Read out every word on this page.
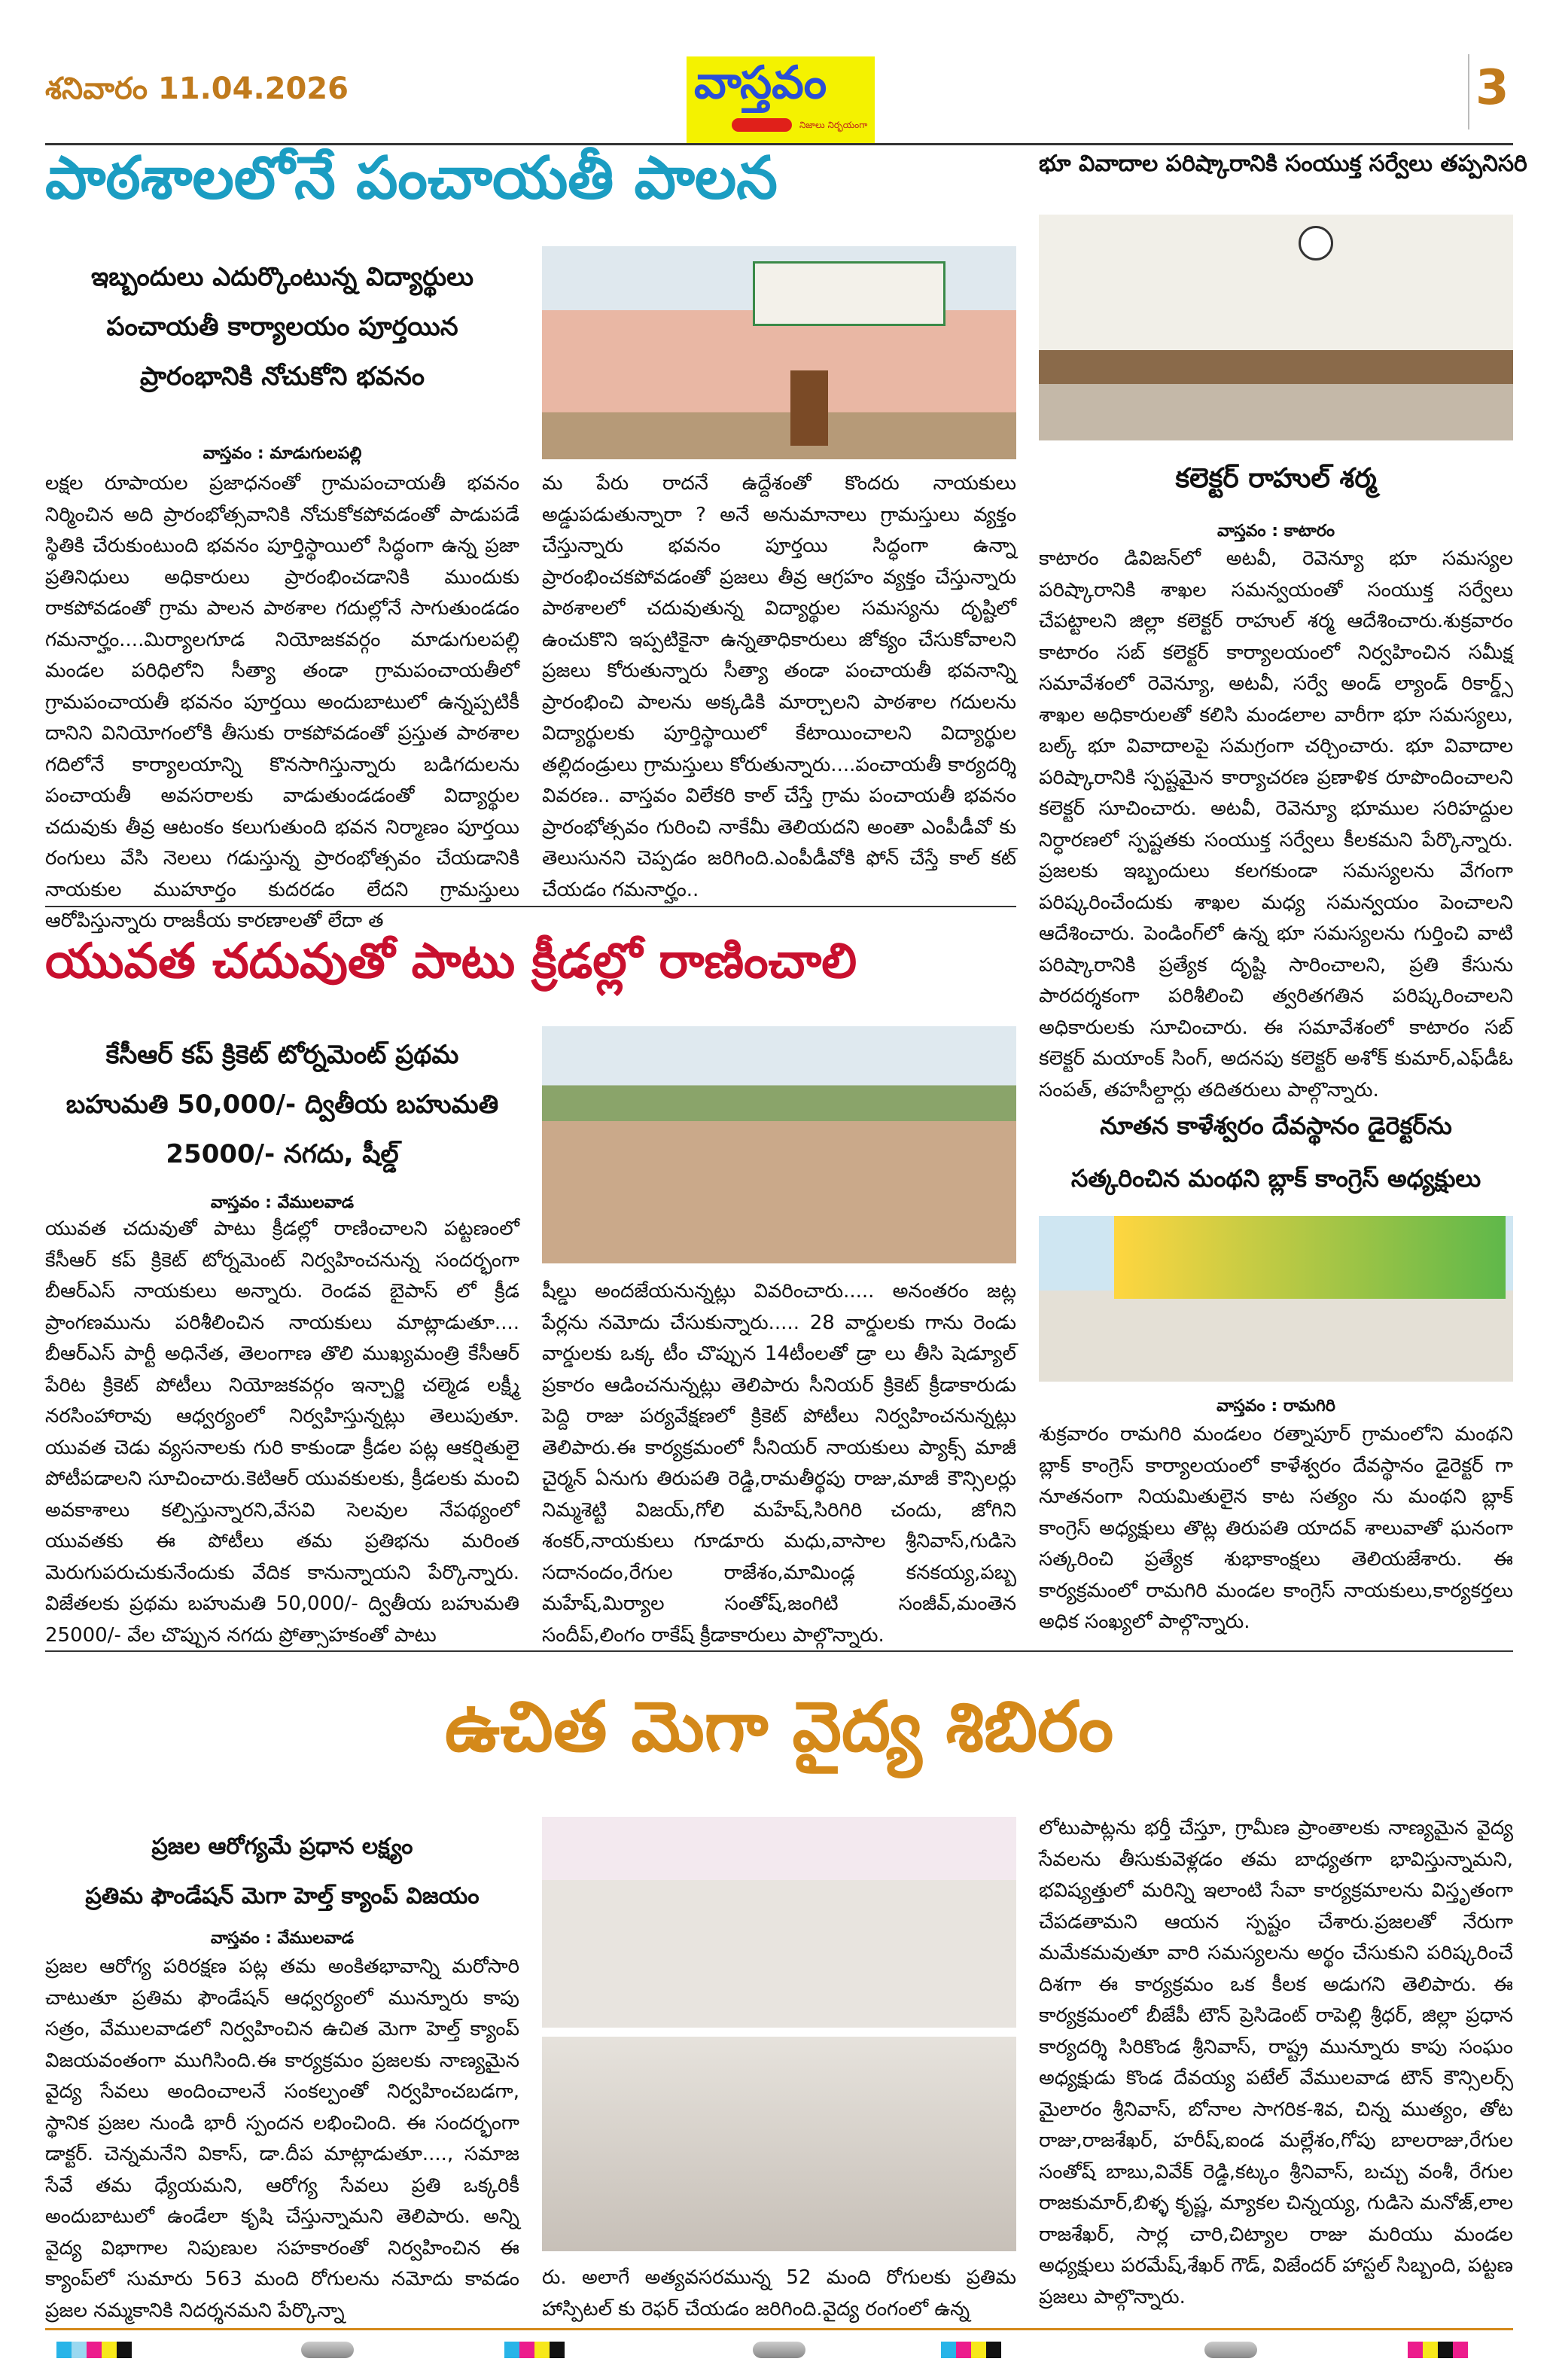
శనివారం 11.04.2026	వాస్తవం
నిజాలు నిర్భయంగా
3
పాఠశాలలోనే పంచాయతీ పాలన
ఇబ్బందులు ఎదుర్కొంటున్న విద్యార్థులు
పంచాయతీ కార్యాలయం పూర్తయిన
ప్రారంభానికి నోచుకోని భవనం
వాస్తవం : మాడుగులపల్లి
లక్షల రూపాయల ప్రజాధనంతో గ్రామపంచాయతీ భవనం నిర్మించిన అది ప్రారంభోత్సవానికి నోచుకోకపోవడంతో పాడుపడే స్థితికి చేరుకుంటుంది భవనం పూర్తిస్థాయిలో సిద్ధంగా ఉన్న ప్రజా ప్రతినిధులు అధికారులు ప్రారంభించడానికి ముందుకు రాకపోవడంతో గ్రామ పాలన పాఠశాల గదుల్లోనే సాగుతుండడం గమనార్హం....మిర్యాలగూడ నియోజకవర్గం మాడుగులపల్లి మండల పరిధిలోని సీత్యా తండా గ్రామపంచాయతీలో గ్రామపంచాయతీ భవనం పూర్తయి అందుబాటులో ఉన్నప్పటికీ దానిని వినియోగంలోకి తీసుకు రాకపోవడంతో ప్రస్తుత పాఠశాల గదిలోనే కార్యాలయాన్ని కొనసాగిస్తున్నారు బడిగదులను పంచాయతీ అవసరాలకు వాడుతుండడంతో విద్యార్థుల చదువుకు తీవ్ర ఆటంకం కలుగుతుంది భవన నిర్మాణం పూర్తయి రంగులు వేసి నెలలు గడుస్తున్న ప్రారంభోత్సవం చేయడానికి నాయకుల ముహూర్తం కుదరడం లేదని గ్రామస్తులు ఆరోపిస్తున్నారు రాజకీయ కారణాలతో లేదా త
మ పేరు రాదనే ఉద్దేశంతో కొందరు నాయకులు అడ్డుపడుతున్నారా ? అనే అనుమానాలు గ్రామస్తులు వ్యక్తం చేస్తున్నారు భవనం పూర్తయి సిద్ధంగా ఉన్నా ప్రారంభించకపోవడంతో ప్రజలు తీవ్ర ఆగ్రహం వ్యక్తం చేస్తున్నారు పాఠశాలలో చదువుతున్న విద్యార్థుల సమస్యను దృష్టిలో ఉంచుకొని ఇప్పటికైనా ఉన్నతాధికారులు జోక్యం చేసుకోవాలని ప్రజలు కోరుతున్నారు సీత్యా తండా పంచాయతీ భవనాన్ని ప్రారంభించి పాలను అక్కడికి మార్చాలని పాఠశాల గదులను విద్యార్థులకు పూర్తిస్థాయిలో కేటాయించాలని విద్యార్థుల తల్లిదండ్రులు గ్రామస్తులు కోరుతున్నారు....పంచాయతీ కార్యదర్శి వివరణ.. వాస్తవం విలేకరి కాల్ చేస్తే గ్రామ పంచాయతీ భవనం ప్రారంభోత్సవం గురించి నాకేమీ తెలియదని అంతా ఎంపీడీవో కు తెలుసునని చెప్పడం జరిగింది.ఎంపీడీవోకి ఫోన్ చేస్తే కాల్ కట్ చేయడం గమనార్హం..
భూ వివాదాల పరిష్కారానికి సంయుక్త సర్వేలు తప్పనిసరి
కలెక్టర్ రాహుల్ శర్మ
వాస్తవం : కాటారం
కాటారం డివిజన్‌లో అటవీ, రెవెన్యూ భూ సమస్యల పరిష్కారానికి శాఖల సమన్వయంతో సంయుక్త సర్వేలు చేపట్టాలని జిల్లా కలెక్టర్ రాహుల్ శర్మ ఆదేశించారు.శుక్రవారం కాటారం సబ్ కలెక్టర్ కార్యాలయంలో నిర్వహించిన సమీక్ష సమావేశంలో రెవెన్యూ, అటవీ, సర్వే అండ్ ల్యాండ్ రికార్డ్స్ శాఖల అధికారులతో కలిసి మండలాల వారీగా భూ సమస్యలు, బల్క్ భూ వివాదాలపై సమగ్రంగా చర్చించారు. భూ వివాదాల పరిష్కారానికి స్పష్టమైన కార్యాచరణ ప్రణాళిక రూపొందించాలని కలెక్టర్ సూచించారు. అటవీ, రెవెన్యూ భూముల సరిహద్దుల నిర్ధారణలో స్పష్టతకు సంయుక్త సర్వేలు కీలకమని పేర్కొన్నారు. ప్రజలకు ఇబ్బందులు కలగకుండా సమస్యలను వేగంగా పరిష్కరించేందుకు శాఖల మధ్య సమన్వయం పెంచాలని ఆదేశించారు. పెండింగ్‌లో ఉన్న భూ సమస్యలను గుర్తించి వాటి పరిష్కారానికి ప్రత్యేక దృష్టి సారించాలని, ప్రతి కేసును పారదర్శకంగా పరిశీలించి త్వరితగతిన పరిష్కరించాలని అధికారులకు సూచించారు. ఈ సమావేశంలో కాటారం సబ్ కలెక్టర్ మయాంక్ సింగ్, అదనపు కలెక్టర్ అశోక్ కుమార్,ఎఫ్‌డీఓ సంపత్, తహసీల్దార్లు తదితరులు పాల్గొన్నారు.
నూతన కాళేశ్వరం దేవస్థానం డైరెక్టర్‌ను
సత్కరించిన మంథని బ్లాక్ కాంగ్రెస్ అధ్యక్షులు
వాస్తవం : రామగిరి
శుక్రవారం రామగిరి మండలం రత్నాపూర్ గ్రామంలోని మంథని బ్లాక్ కాంగ్రెస్ కార్యాలయంలో కాళేశ్వరం దేవస్థానం డైరెక్టర్ గా నూతనంగా నియమితులైన కాట సత్యం ను మంథని బ్లాక్ కాంగ్రెస్ అధ్యక్షులు తొట్ల తిరుపతి యాదవ్ శాలువాతో ఘనంగా సత్కరించి ప్రత్యేక శుభాకాంక్షలు తెలియజేశారు. ఈ కార్యక్రమంలో రామగిరి మండల కాంగ్రెస్ నాయకులు,కార్యకర్తలు అధిక సంఖ్యలో పాల్గొన్నారు.
యువత చదువుతో పాటు క్రీడల్లో రాణించాలి
కేసీఆర్ కప్ క్రికెట్ టోర్నమెంట్ ప్రథమ
బహుమతి 50,000/- ద్వితీయ బహుమతి
25000/- నగదు, షీల్డ్
వాస్తవం : వేములవాడ
యువత చదువుతో పాటు క్రీడల్లో రాణించాలని పట్టణంలో కేసీఆర్ కప్ క్రికెట్ టోర్నమెంట్ నిర్వహించనున్న సందర్భంగా బీఆర్ఎస్ నాయకులు అన్నారు. రెండవ బైపాస్ లో క్రీడ ప్రాంగణమును పరిశీలించిన నాయకులు మాట్లాడుతూ.... బీఆర్ఎస్ పార్టీ అధినేత, తెలంగాణ తొలి ముఖ్యమంత్రి కేసీఆర్ పేరిట క్రికెట్ పోటీలు నియోజకవర్గం ఇన్చార్జి చల్మెడ లక్ష్మీ నరసింహారావు ఆధ్వర్యంలో నిర్వహిస్తున్నట్లు తెలుపుతూ. యువత చెడు వ్యసనాలకు గురి కాకుండా క్రీడల పట్ల ఆకర్షితులై పోటీపడాలని సూచించారు.కెటిఆర్ యువకులకు, క్రీడలకు మంచి అవకాశాలు కల్పిస్తున్నారని,వేసవి సెలవుల నేపథ్యంలో యువతకు ఈ పోటీలు తమ ప్రతిభను మరింత మెరుగుపరుచుకునేందుకు వేదిక కానున్నాయని పేర్కొన్నారు. విజేతలకు ప్రథమ బహుమతి 50,000/- ద్వితీయ బహుమతి 25000/- వేల చొప్పున నగదు ప్రోత్సాహకంతో పాటు
షీల్డు అందజేయనున్నట్లు వివరించారు..... అనంతరం జట్ల పేర్లను నమోదు చేసుకున్నారు..... 28 వార్డులకు గాను రెండు వార్డులకు ఒక్క టీం చొప్పున 14టీంలతో డ్రా లు తీసి షెడ్యూల్ ప్రకారం ఆడించనున్నట్లు తెలిపారు సీనియర్ క్రికెట్ క్రీడాకారుడు పెద్ది రాజు పర్యవేక్షణలో క్రికెట్ పోటీలు నిర్వహించనున్నట్లు తెలిపారు.ఈ కార్యక్రమంలో సీనియర్ నాయకులు ప్యాక్స్ మాజీ చైర్మన్ ఏనుగు తిరుపతి రెడ్డి,రామతీర్థపు రాజు,మాజీ కౌన్సిలర్లు నిమ్మశెట్టి విజయ్,గోలి మహేష్,సిరిగిరి చందు, జోగిని శంకర్,నాయకులు గూడూరు మధు,వాసాల శ్రీనివాస్,గుడిసె సదానందం,రేగుల రాజేశం,మామిండ్ల కనకయ్య,పబ్బ మహేష్,మిర్యాల సంతోష్,జంగిటి సంజీవ్,మంతెన సందీప్,లింగం రాకేష్ క్రీడాకారులు పాల్గొన్నారు.
ఉచిత మెగా వైద్య శిబిరం
ప్రజల ఆరోగ్యమే ప్రధాన లక్ష్యం
ప్రతిమ ఫౌండేషన్ మెగా హెల్త్ క్యాంప్ విజయం
వాస్తవం : వేములవాడ
ప్రజల ఆరోగ్య పరిరక్షణ పట్ల తమ అంకితభావాన్ని మరోసారి చాటుతూ ప్రతిమ ఫౌండేషన్ ఆధ్వర్యంలో మున్నూరు కాపు సత్రం, వేములవాడలో నిర్వహించిన ఉచిత మెగా హెల్త్ క్యాంప్ విజయవంతంగా ముగిసింది.ఈ కార్యక్రమం ప్రజలకు నాణ్యమైన వైద్య సేవలు అందించాలనే సంకల్పంతో నిర్వహించబడగా, స్థానిక ప్రజల నుండి భారీ స్పందన లభించింది. ఈ సందర్భంగా డాక్టర్. చెన్నమనేని వికాస్, డా.దీప మాట్లాడుతూ...., సమాజ సేవే తమ ధ్యేయమని, ఆరోగ్య సేవలు ప్రతి ఒక్కరికీ అందుబాటులో ఉండేలా కృషి చేస్తున్నామని తెలిపారు. అన్ని వైద్య విభాగాల నిపుణుల సహకారంతో నిర్వహించిన ఈ క్యాంప్‌లో సుమారు 563 మంది రోగులను నమోదు కావడం ప్రజల నమ్మకానికి నిదర్శనమని పేర్కొన్నా
రు. అలాగే అత్యవసరమున్న 52 మంది రోగులకు ప్రతిమ హాస్పిటల్ కు రెఫర్ చేయడం జరిగింది.వైద్య రంగంలో ఉన్న
లోటుపాట్లను భర్తీ చేస్తూ, గ్రామీణ ప్రాంతాలకు నాణ్యమైన వైద్య సేవలను తీసుకువెళ్లడం తమ బాధ్యతగా భావిస్తున్నామని, భవిష్యత్తులో మరిన్ని ఇలాంటి సేవా కార్యక్రమాలను విస్తృతంగా చేపడతామని ఆయన స్పష్టం చేశారు.ప్రజలతో నేరుగా మమేకమవుతూ వారి సమస్యలను అర్థం చేసుకుని పరిష్కరించే దిశగా ఈ కార్యక్రమం ఒక కీలక అడుగని తెలిపారు. ఈ కార్యక్రమంలో బీజేపీ టౌన్ ప్రెసిడెంట్ రాపెల్లి శ్రీధర్, జిల్లా ప్రధాన కార్యదర్శి సిరికొండ శ్రీనివాస్, రాష్ట్ర మున్నూరు కాపు సంఘం అధ్యక్షుడు కొండ దేవయ్య పటేల్ వేములవాడ టౌన్ కౌన్సిలర్స్ మైలారం శ్రీనివాస్, బోనాల సాగరిక-శివ, చిన్న ముత్యం, తోట రాజు,రాజశేఖర్, హరీష్,ఐండ మల్లేశం,గోపు బాలరాజు,రేగుల సంతోష్ బాబు,వివేక్ రెడ్డి,కట్కం శ్రీనివాస్, బచ్చు వంశీ, రేగుల రాజకుమార్,బిళ్ళ కృష్ణ, మ్యాకల చిన్నయ్య, గుడిసె మనోజ్,లాల రాజశేఖర్, సార్ల చారి,చిట్యాల రాజు మరియు మండల అధ్యక్షులు పరమేష్,శేఖర్ గౌడ్, విజేందర్ హాస్టల్ సిబ్బంది, పట్టణ ప్రజలు పాల్గొన్నారు.
